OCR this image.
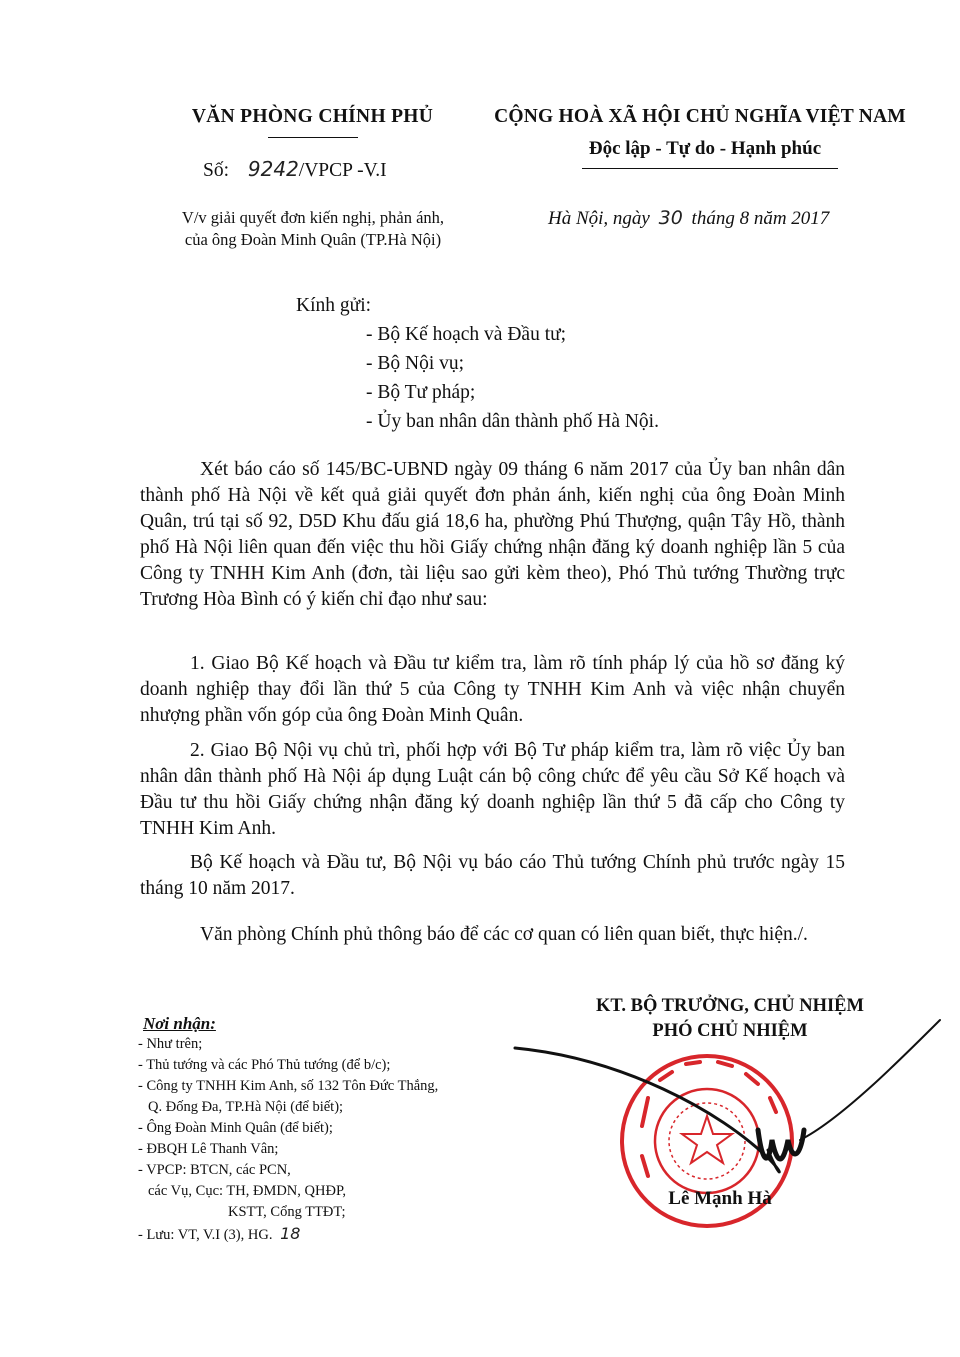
VĂN PHÒNG CHÍNH PHỦ
Số: 9242/VPCP -V.I
V/v giải quyết đơn kiến nghị, phản ánh,
của ông Đoàn Minh Quân (TP.Hà Nội)
CỘNG HOÀ XÃ HỘI CHỦ NGHĨA VIỆT NAM
Độc lập - Tự do - Hạnh phúc
Hà Nội, ngày 30 tháng 8 năm 2017
Kính gửi:
- Bộ Kế hoạch và Đầu tư;
- Bộ Nội vụ;
- Bộ Tư pháp;
- Ủy ban nhân dân thành phố Hà Nội.
Xét báo cáo số 145/BC-UBND ngày 09 tháng 6 năm 2017 của Ủy ban nhân dân thành phố Hà Nội về kết quả giải quyết đơn phản ánh, kiến nghị của ông Đoàn Minh Quân, trú tại số 92, D5D Khu đấu giá 18,6 ha, phường Phú Thượng, quận Tây Hồ, thành phố Hà Nội liên quan đến việc thu hồi Giấy chứng nhận đăng ký doanh nghiệp lần 5 của Công ty TNHH Kim Anh (đơn, tài liệu sao gửi kèm theo), Phó Thủ tướng Thường trực Trương Hòa Bình có ý kiến chỉ đạo như sau:
1. Giao Bộ Kế hoạch và Đầu tư kiểm tra, làm rõ tính pháp lý của hồ sơ đăng ký doanh nghiệp thay đổi lần thứ 5 của Công ty TNHH Kim Anh và việc nhận chuyển nhượng phần vốn góp của ông Đoàn Minh Quân.
2. Giao Bộ Nội vụ chủ trì, phối hợp với Bộ Tư pháp kiểm tra, làm rõ việc Ủy ban nhân dân thành phố Hà Nội áp dụng Luật cán bộ công chức để yêu cầu Sở Kế hoạch và Đầu tư thu hồi Giấy chứng nhận đăng ký doanh nghiệp lần thứ 5 đã cấp cho Công ty TNHH Kim Anh.
Bộ Kế hoạch và Đầu tư, Bộ Nội vụ báo cáo Thủ tướng Chính phủ trước ngày 15 tháng 10 năm 2017.
Văn phòng Chính phủ thông báo để các cơ quan có liên quan biết, thực hiện./.
Nơi nhận:
- Như trên;
- Thủ tướng và các Phó Thủ tướng (để b/c);
- Công ty TNHH Kim Anh, số 132 Tôn Đức Thắng,
Q. Đống Đa, TP.Hà Nội (để biết);
- Ông Đoàn Minh Quân (để biết);
- ĐBQH Lê Thanh Vân;
- VPCP: BTCN, các PCN,
các Vụ, Cục: TH, ĐMDN, QHĐP,
KSTT, Cổng TTĐT;
- Lưu: VT, V.I (3), HG. 18
KT. BỘ TRƯỞNG, CHỦ NHIỆM
PHÓ CHỦ NHIỆM
Lê Mạnh Hà
